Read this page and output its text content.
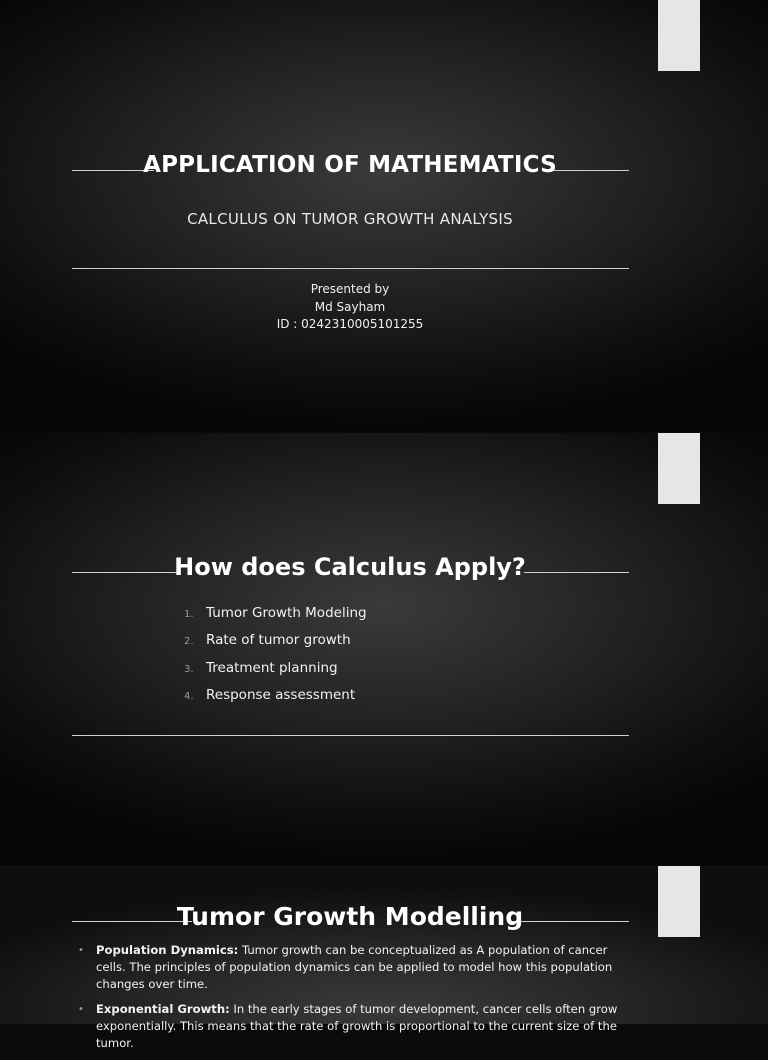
APPLICATION OF MATHEMATICS
CALCULUS ON TUMOR GROWTH ANALYSIS
Presented by
Md Sayham
ID : 0242310005101255
How does Calculus Apply?
1. Tumor Growth Modeling
2. Rate of tumor growth
3. Treatment planning
4. Response assessment
Tumor Growth Modelling
• Population Dynamics: Tumor growth can be conceptualized as A population of cancer cells. The principles of population dynamics can be applied to model how this population changes over time.
• Exponential Growth: In the early stages of tumor development, cancer cells often grow exponentially. This means that the rate of growth is proportional to the current size of the tumor.
